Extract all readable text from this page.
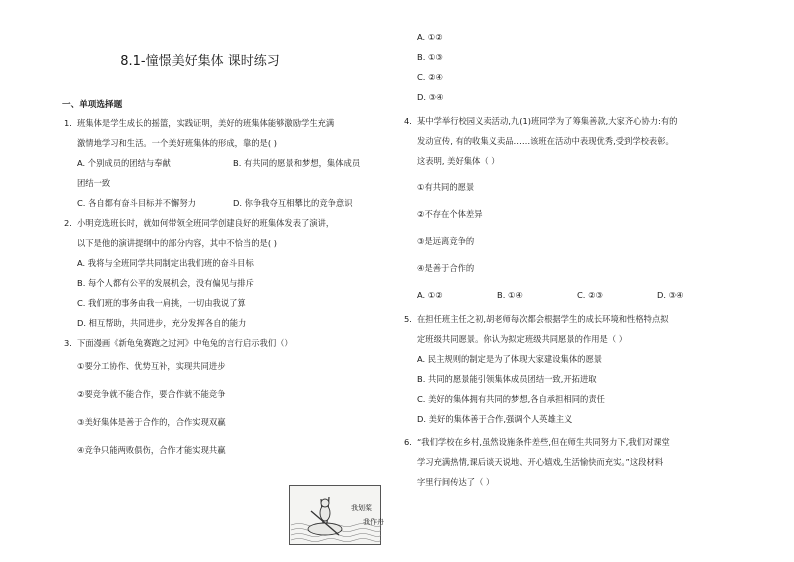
8.1-憧憬美好集体 课时练习
一、单项选择题
1. 班集体是学生成长的摇篮，实践证明，美好的班集体能够激励学生充满

激情地学习和生活。一个美好班集体的形成，靠的是( )

A. 个别成员的团结与奉献	B. 有共同的愿景和梦想，集体成员

团结一致

C. 各自都有奋斗目标并不懈努力	D. 你争我夺互相攀比的竞争意识
2. 小明竞选班长时，就如何带领全班同学创建良好的班集体发表了演讲，

以下是他的演讲提纲中的部分内容，其中不恰当的是( )

A. 我将与全班同学共同制定出我们班的奋斗目标

B. 每个人都有公平的发展机会，没有偏见与排斥

C. 我们班的事务由我一肩挑，一切由我说了算

D. 相互帮助，共同进步，充分发挥各自的能力

3. 下面漫画《新龟兔赛跑之过河》中龟兔的言行启示我们（）

①要分工协作、优势互补，实现共同进步

②要竞争就不能合作，要合作就不能竞争

③美好集体是善于合作的，合作实现双赢

④竞争只能两败俱伤，合作才能实现共赢

我划桨
我作舟

A. ①②

B. ①③

C. ②④

D. ③④

4. 某中学举行校园义卖活动,九(1)班同学为了筹集善款,大家齐心协力:有的

发动宣传, 有的收集义卖品……该班在活动中表现优秀,受到学校表彰。

这表明, 美好集体（ ）

①有共同的愿景

②不存在个体差异

③是远离竞争的

④是善于合作的

A. ①②	B. ①④	C. ②③	D. ③④
5. 在担任班主任之初,胡老师每次都会根据学生的成长环境和性格特点拟

定班级共同愿景。你认为拟定班级共同愿景的作用是（ ）

A. 民主规则的制定是为了体现大家建设集体的愿景

B. 共同的愿景能引领集体成员团结一致,开拓进取

C. 美好的集体拥有共同的梦想,各自承担相同的责任

D. 美好的集体善于合作,强调个人英雄主义

6. “我们学校在乡村,虽然设施条件差些,但在师生共同努力下,我们对课堂

学习充满热情,课后谈天说地、开心嬉戏,生活愉快而充实。”这段材料

字里行间传达了（ ）
